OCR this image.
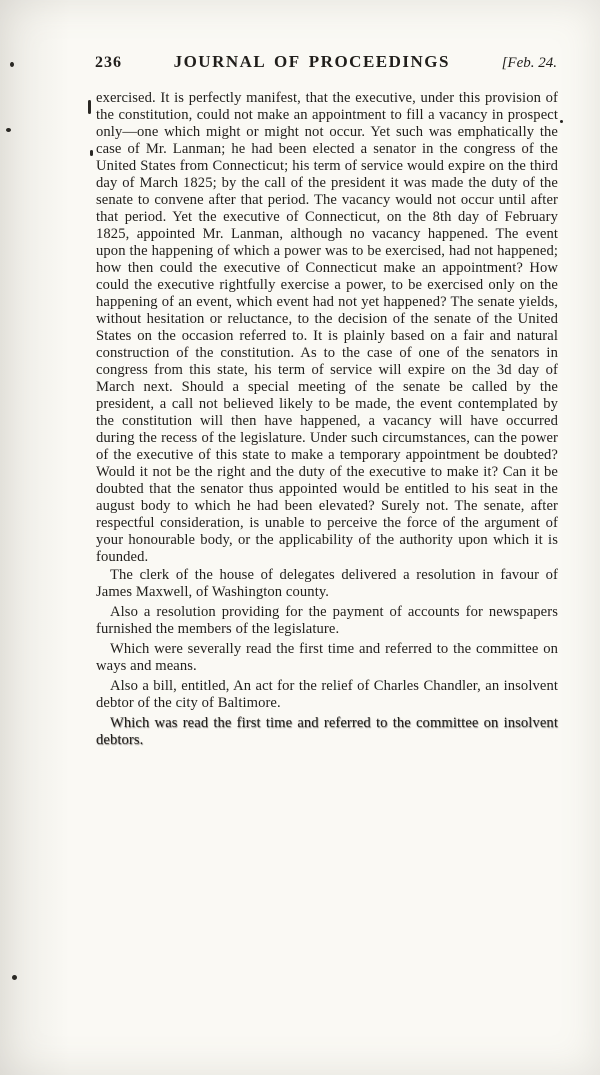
236	JOURNAL OF PROCEEDINGS	[Feb. 24.

exercised. It is perfectly manifest, that the executive, under this provision of the constitution, could not make an appointment to fill a vacancy in prospect only—one which might or might not occur. Yet such was emphatically the case of Mr. Lanman; he had been elected a senator in the congress of the United States from Connecticut; his term of service would expire on the third day of March 1825; by the call of the president it was made the duty of the senate to convene after that period. The vacancy would not occur until after that period. Yet the executive of Connecticut, on the 8th day of February 1825, appointed Mr. Lanman, although no vacancy happened. The event upon the happening of which a power was to be exercised, had not happened; how then could the executive of Connecticut make an appointment? How could the executive rightfully exercise a power, to be exercised only on the happening of an event, which event had not yet happened? The senate yields, without hesitation or reluctance, to the decision of the senate of the United States on the occasion referred to. It is plainly based on a fair and natural construction of the constitution. As to the case of one of the senators in congress from this state, his term of service will expire on the 3d day of March next. Should a special meeting of the senate be called by the president, a call not believed likely to be made, the event contemplated by the constitution will then have happened, a vacancy will have occurred during the recess of the legislature. Under such circumstances, can the power of the executive of this state to make a temporary appointment be doubted? Would it not be the right and the duty of the executive to make it? Can it be doubted that the senator thus appointed would be entitled to his seat in the august body to which he had been elevated? Surely not. The senate, after respectful consideration, is unable to perceive the force of the argument of your honourable body, or the applicability of the authority upon which it is founded.

The clerk of the house of delegates delivered a resolution in favour of James Maxwell, of Washington county.

Also a resolution providing for the payment of accounts for newspapers furnished the members of the legislature.

Which were severally read the first time and referred to the committee on ways and means.

Also a bill, entitled, An act for the relief of Charles Chandler, an insolvent debtor of the city of Baltimore.

Which was read the first time and referred to the committee on insolvent debtors.
